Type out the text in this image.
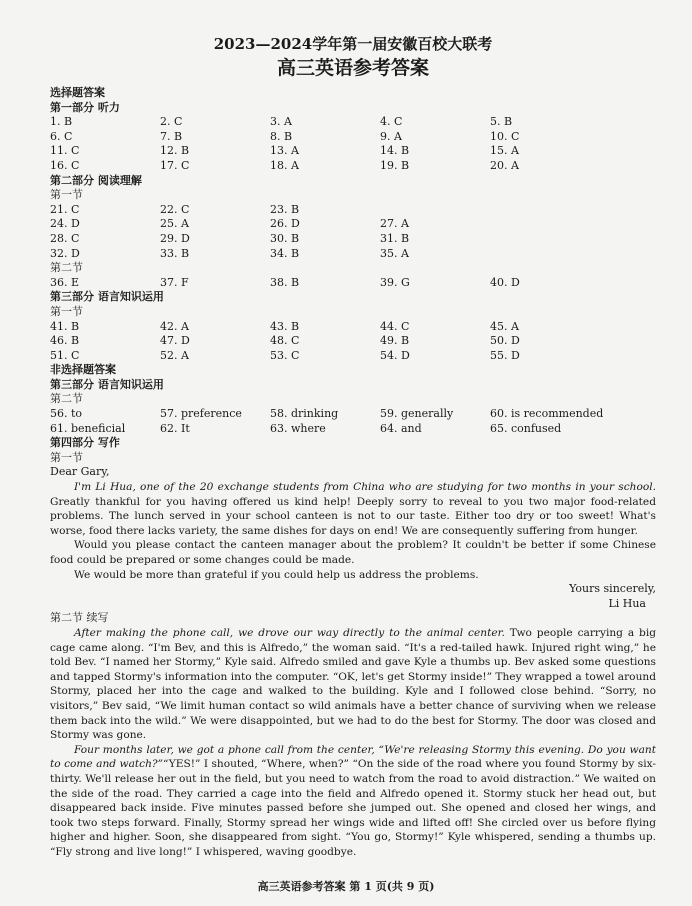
2023—2024学年第一届安徽百校大联考
高三英语参考答案
选择题答案
第一部分 听力
1. B	2. C	3. A	4. C	5. B
6. C	7. B	8. B	9. A	10. C
11. C	12. B	13. A	14. B	15. A
16. C	17. C	18. A	19. B	20. A
第二部分 阅读理解
第一节
21. C	22. C	23. B
24. D	25. A	26. D	27. A
28. C	29. D	30. B	31. B
32. D	33. B	34. B	35. A
第二节
36. E	37. F	38. B	39. G	40. D
第三部分 语言知识运用
第一节
41. B	42. A	43. B	44. C	45. A
46. B	47. D	48. C	49. B	50. D
51. C	52. A	53. C	54. D	55. D
非选择题答案
第三部分 语言知识运用
第二节
56. to	57. preference	58. drinking	59. generally	60. is recommended
61. beneficial	62. It	63. where	64. and	65. confused
第四部分 写作
第一节
Dear Gary,

I'm Li Hua, one of the 20 exchange students from China who are studying for two months in your school. Greatly thankful for you having offered us kind help! Deeply sorry to reveal to you two major food-related problems. The lunch served in your school canteen is not to our taste. Either too dry or too sweet! What's worse, food there lacks variety, the same dishes for days on end! We are consequently suffering from hunger.

Would you please contact the canteen manager about the problem? It couldn't be better if some Chinese food could be prepared or some changes could be made.

We would be more than grateful if you could help us address the problems.

Yours sincerely,
Li Hua
第二节 续写

After making the phone call, we drove our way directly to the animal center. Two people carrying a big cage came along. “I'm Bev, and this is Alfredo,” the woman said. “It's a red-tailed hawk. Injured right wing,” he told Bev. “I named her Stormy,” Kyle said. Alfredo smiled and gave Kyle a thumbs up. Bev asked some questions and tapped Stormy's information into the computer. “OK, let's get Stormy inside!” They wrapped a towel around Stormy, placed her into the cage and walked to the building. Kyle and I followed close behind. “Sorry, no visitors,” Bev said, “We limit human contact so wild animals have a better chance of surviving when we release them back into the wild.” We were disappointed, but we had to do the best for Stormy. The door was closed and Stormy was gone.

Four months later, we got a phone call from the center, “We're releasing Stormy this evening. Do you want to come and watch?”“YES!” I shouted, “Where, when?” “On the side of the road where you found Stormy by six-thirty. We'll release her out in the field, but you need to watch from the road to avoid distraction.” We waited on the side of the road. They carried a cage into the field and Alfredo opened it. Stormy stuck her head out, but disappeared back inside. Five minutes passed before she jumped out. She opened and closed her wings, and took two steps forward. Finally, Stormy spread her wings wide and lifted off! She circled over us before flying higher and higher. Soon, she disappeared from sight. “You go, Stormy!” Kyle whispered, sending a thumbs up. “Fly strong and live long!” I whispered, waving goodbye.

高三英语参考答案 第 1 页(共 9 页)
